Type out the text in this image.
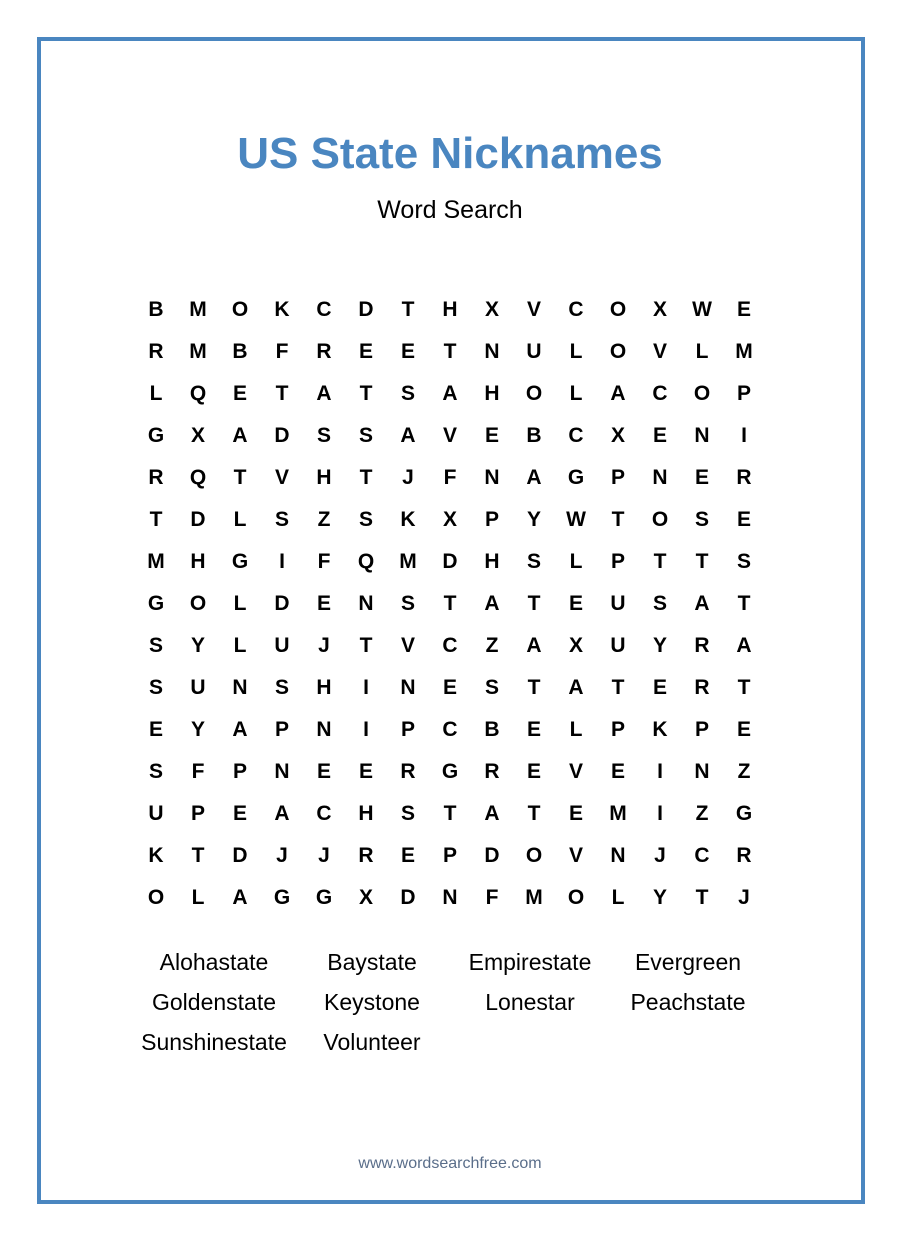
US State Nicknames
Word Search
B	M	O	K	C	D	T	H	X	V	C	O	X	W	E
R	M	B	F	R	E	E	T	N	U	L	O	V	L	M
L	Q	E	T	A	T	S	A	H	O	L	A	C	O	P
G	X	A	D	S	S	A	V	E	B	C	X	E	N	I
R	Q	T	V	H	T	J	F	N	A	G	P	N	E	R
T	D	L	S	Z	S	K	X	P	Y	W	T	O	S	E
M	H	G	I	F	Q	M	D	H	S	L	P	T	T	S
G	O	L	D	E	N	S	T	A	T	E	U	S	A	T
S	Y	L	U	J	T	V	C	Z	A	X	U	Y	R	A
S	U	N	S	H	I	N	E	S	T	A	T	E	R	T
E	Y	A	P	N	I	P	C	B	E	L	P	K	P	E
S	F	P	N	E	E	R	G	R	E	V	E	I	N	Z
U	P	E	A	C	H	S	T	A	T	E	M	I	Z	G
K	T	D	J	J	R	E	P	D	O	V	N	J	C	R
O	L	A	G	G	X	D	N	F	M	O	L	Y	T	J
Alohastate	Baystate	Empirestate	Evergreen
Goldenstate	Keystone	Lonestar	Peachstate
Sunshinestate	Volunteer
www.wordsearchfree.com
